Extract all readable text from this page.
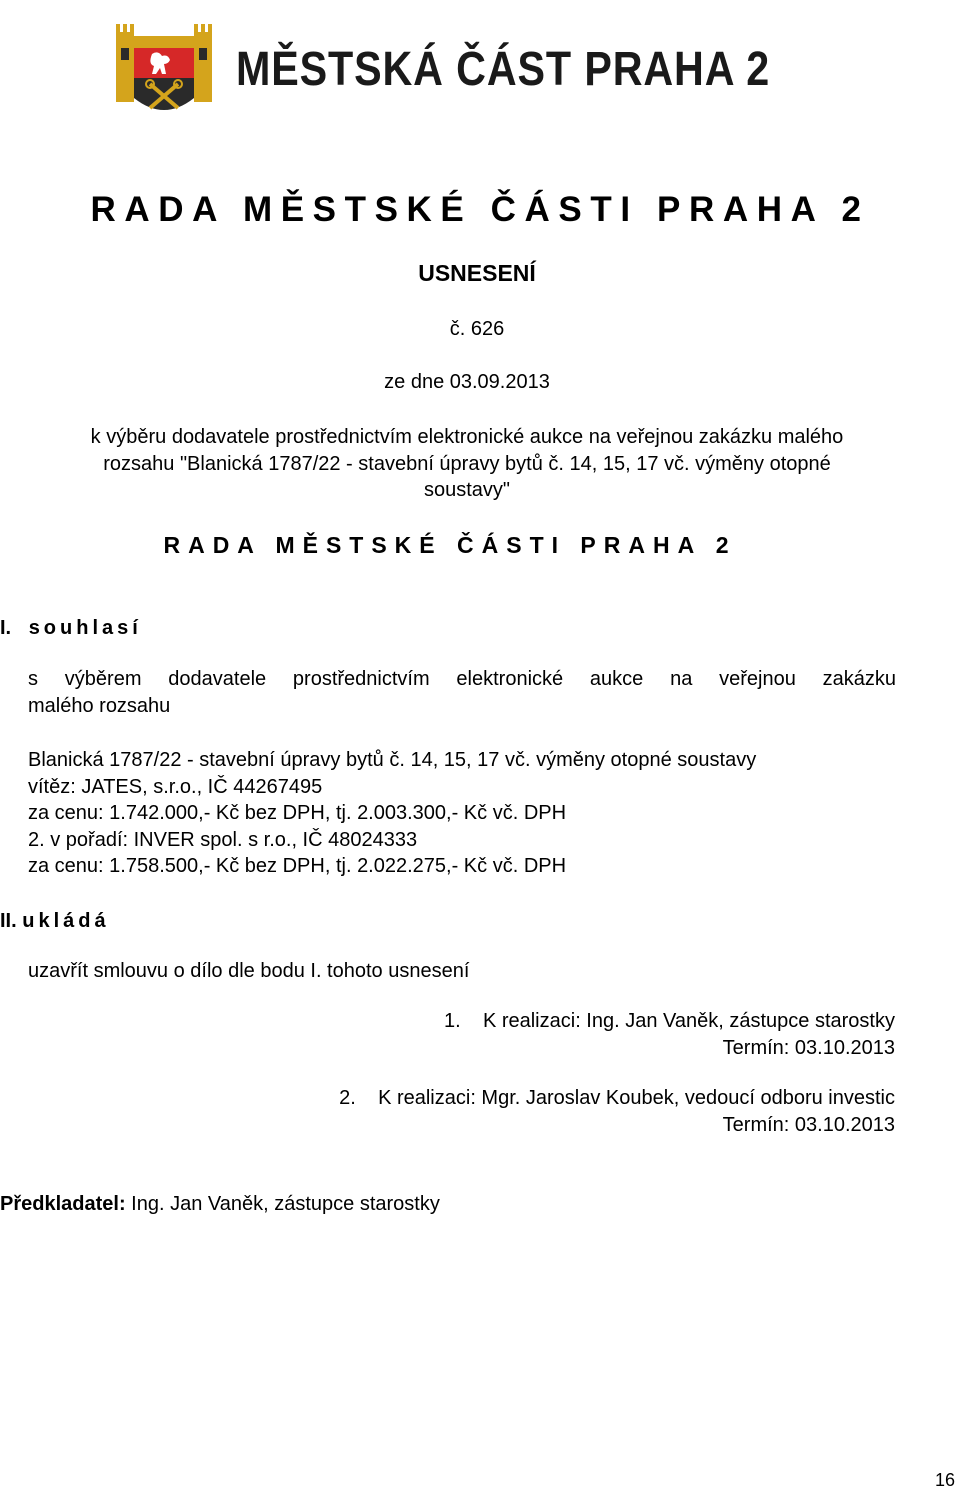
MĚSTSKÁ ČÁST PRAHA 2
RADA MĚSTSKÉ ČÁSTI PRAHA 2
USNESENÍ
č. 626
ze dne 03.09.2013
k výběru dodavatele prostřednictvím elektronické aukce na veřejnou zakázku malého
rozsahu "Blanická 1787/22 - stavební úpravy bytů č. 14, 15, 17 vč. výměny otopné
soustavy"
RADA MĚSTSKÉ ČÁSTI PRAHA 2
I. souhlasí
s výběrem dodavatele prostřednictvím elektronické aukce na veřejnou zakázku
malého rozsahu
Blanická 1787/22 - stavební úpravy bytů č. 14, 15, 17 vč. výměny otopné soustavy
vítěz: JATES, s.r.o., IČ 44267495
za cenu: 1.742.000,- Kč bez DPH, tj. 2.003.300,- Kč vč. DPH
2. v pořadí: INVER spol. s r.o., IČ 48024333
za cenu: 1.758.500,- Kč bez DPH, tj. 2.022.275,- Kč vč. DPH
II. ukládá
uzavřít smlouvu o dílo dle bodu I. tohoto usnesení
1. K realizaci: Ing. Jan Vaněk, zástupce starostky
Termín: 03.10.2013
2. K realizaci: Mgr. Jaroslav Koubek, vedoucí odboru investic
Termín: 03.10.2013
Předkladatel: Ing. Jan Vaněk, zástupce starostky
16
